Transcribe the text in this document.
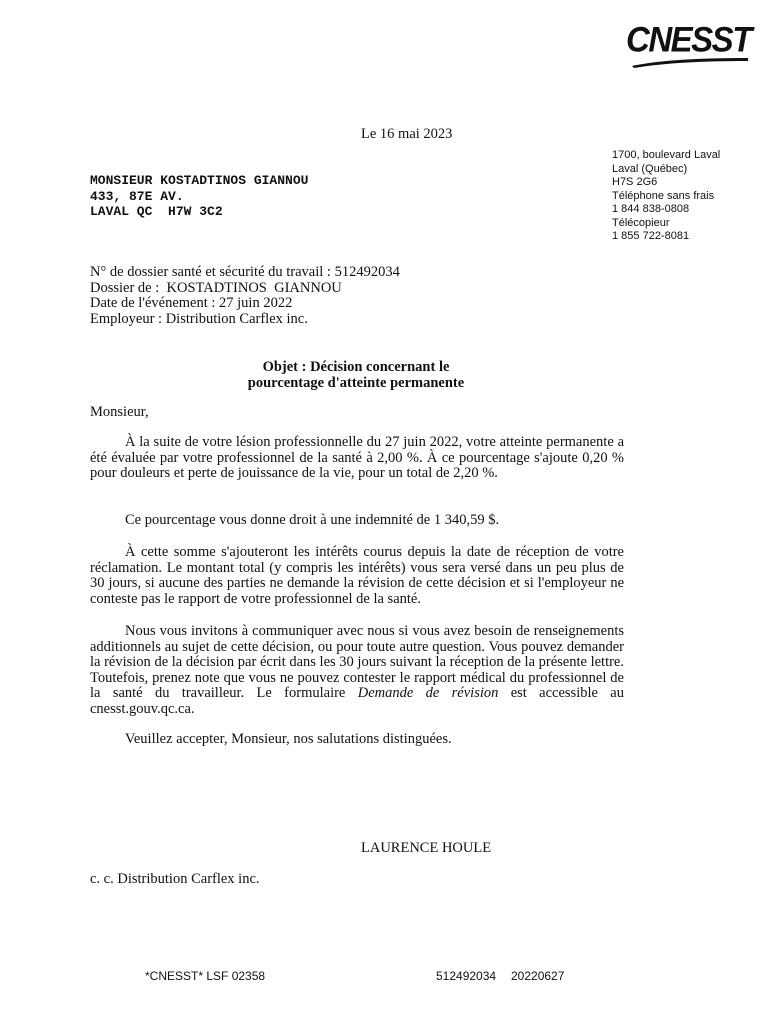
CNESST
Le 16 mai 2023
1700, boulevard Laval
Laval (Québec)
H7S 2G6
Téléphone sans frais
1 844 838-0808
Télécopieur
1 855 722-8081
MONSIEUR KOSTADTINOS GIANNOU
433, 87E AV.
LAVAL QC  H7W 3C2
N° de dossier santé et sécurité du travail : 512492034
Dossier de :  KOSTADTINOS  GIANNOU
Date de l'événement : 27 juin 2022
Employeur : Distribution Carflex inc.
Objet : Décision concernant le
pourcentage d'atteinte permanente
Monsieur,

À la suite de votre lésion professionnelle du 27 juin 2022, votre atteinte permanente a été évaluée par votre professionnel de la santé à 2,00 %. À ce pourcentage s'ajoute 0,20 % pour douleurs et perte de jouissance de la vie, pour un total de 2,20 %.

Ce pourcentage vous donne droit à une indemnité de 1 340,59 $.

À cette somme s'ajouteront les intérêts courus depuis la date de réception de votre réclamation. Le montant total (y compris les intérêts) vous sera versé dans un peu plus de 30 jours, si aucune des parties ne demande la révision de cette décision et si l'employeur ne conteste pas le rapport de votre professionnel de la santé.

Nous vous invitons à communiquer avec nous si vous avez besoin de renseignements additionnels au sujet de cette décision, ou pour toute autre question. Vous pouvez demander la révision de la décision par écrit dans les 30 jours suivant la réception de la présente lettre. Toutefois, prenez note que vous ne pouvez contester le rapport médical du professionnel de la santé du travailleur. Le formulaire Demande de révision est accessible au cnesst.gouv.qc.ca.

Veuillez accepter, Monsieur, nos salutations distinguées.

LAURENCE HOULE
c. c. Distribution Carflex inc.
*CNESST* LSF 02358	512492034 20220627
